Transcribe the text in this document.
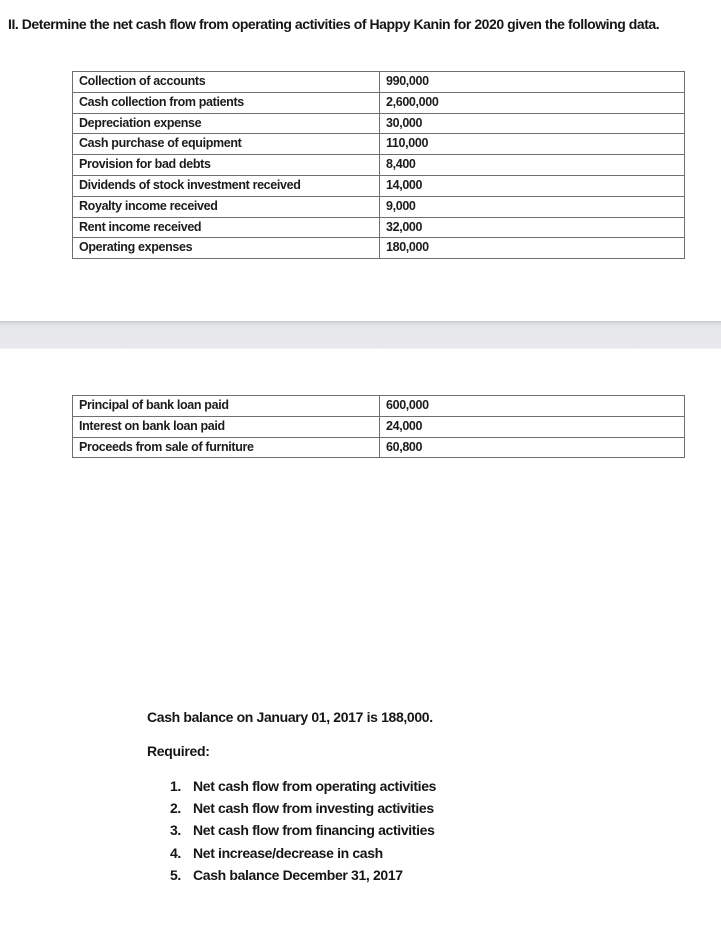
II. Determine the net cash flow from operating activities of Happy Kanin for 2020 given the following data.
Collection of accounts	990,000
Cash collection from patients	2,600,000
Depreciation expense	30,000
Cash purchase of equipment	110,000
Provision for bad debts	8,400
Dividends of stock investment received	14,000
Royalty income received	9,000
Rent income received	32,000
Operating expenses	180,000
Principal of bank loan paid	600,000
Interest on bank loan paid	24,000
Proceeds from sale of furniture	60,800
Cash balance on January 01, 2017 is 188,000.
Required:
1. Net cash flow from operating activities
2. Net cash flow from investing activities
3. Net cash flow from financing activities
4. Net increase/decrease in cash
5. Cash balance December 31, 2017
